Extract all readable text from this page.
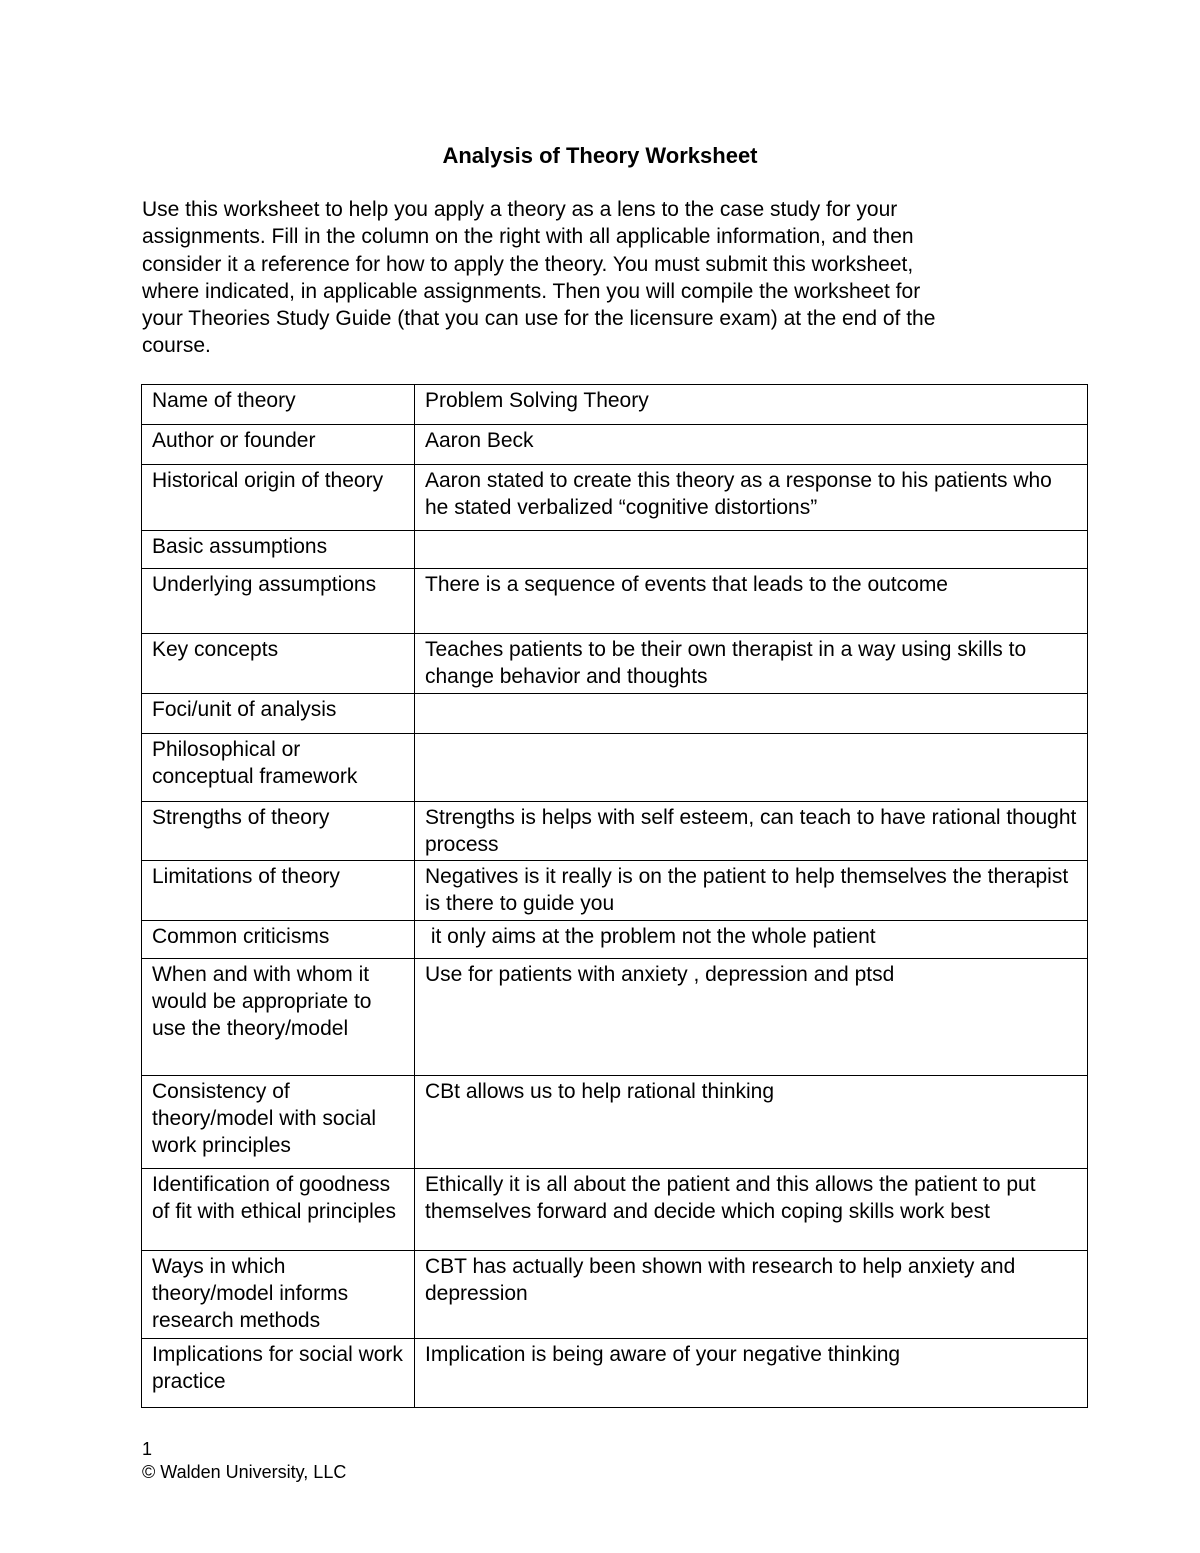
Analysis of Theory Worksheet
Use this worksheet to help you apply a theory as a lens to the case study for your
assignments. Fill in the column on the right with all applicable information, and then
consider it a reference for how to apply the theory. You must submit this worksheet,
where indicated, in applicable assignments. Then you will compile the worksheet for
your Theories Study Guide (that you can use for the licensure exam) at the end of the
course.
Name of theory	Problem Solving Theory
Author or founder	Aaron Beck
Historical origin of theory	Aaron stated to create this theory as a response to his patients who he stated verbalized “cognitive distortions”
Basic assumptions	
Underlying assumptions	There is a sequence of events that leads to the outcome
Key concepts	Teaches patients to be their own therapist in a way using skills to change behavior and thoughts
Foci/unit of analysis	
Philosophical or conceptual framework	
Strengths of theory	Strengths is helps with self esteem, can teach to have rational thought process
Limitations of theory	Negatives is it really is on the patient to help themselves the therapist is there to guide you
Common criticisms	it only aims at the problem not the whole patient
When and with whom it would be appropriate to use the theory/model	Use for patients with anxiety , depression and ptsd
Consistency of theory/model with social work principles	CBt allows us to help rational thinking
Identification of goodness of fit with ethical principles	Ethically it is all about the patient and this allows the patient to put themselves forward and decide which coping skills work best
Ways in which theory/model informs research methods	CBT has actually been shown with research to help anxiety and depression
Implications for social work practice	Implication is being aware of your negative thinking
1
© Walden University, LLC
